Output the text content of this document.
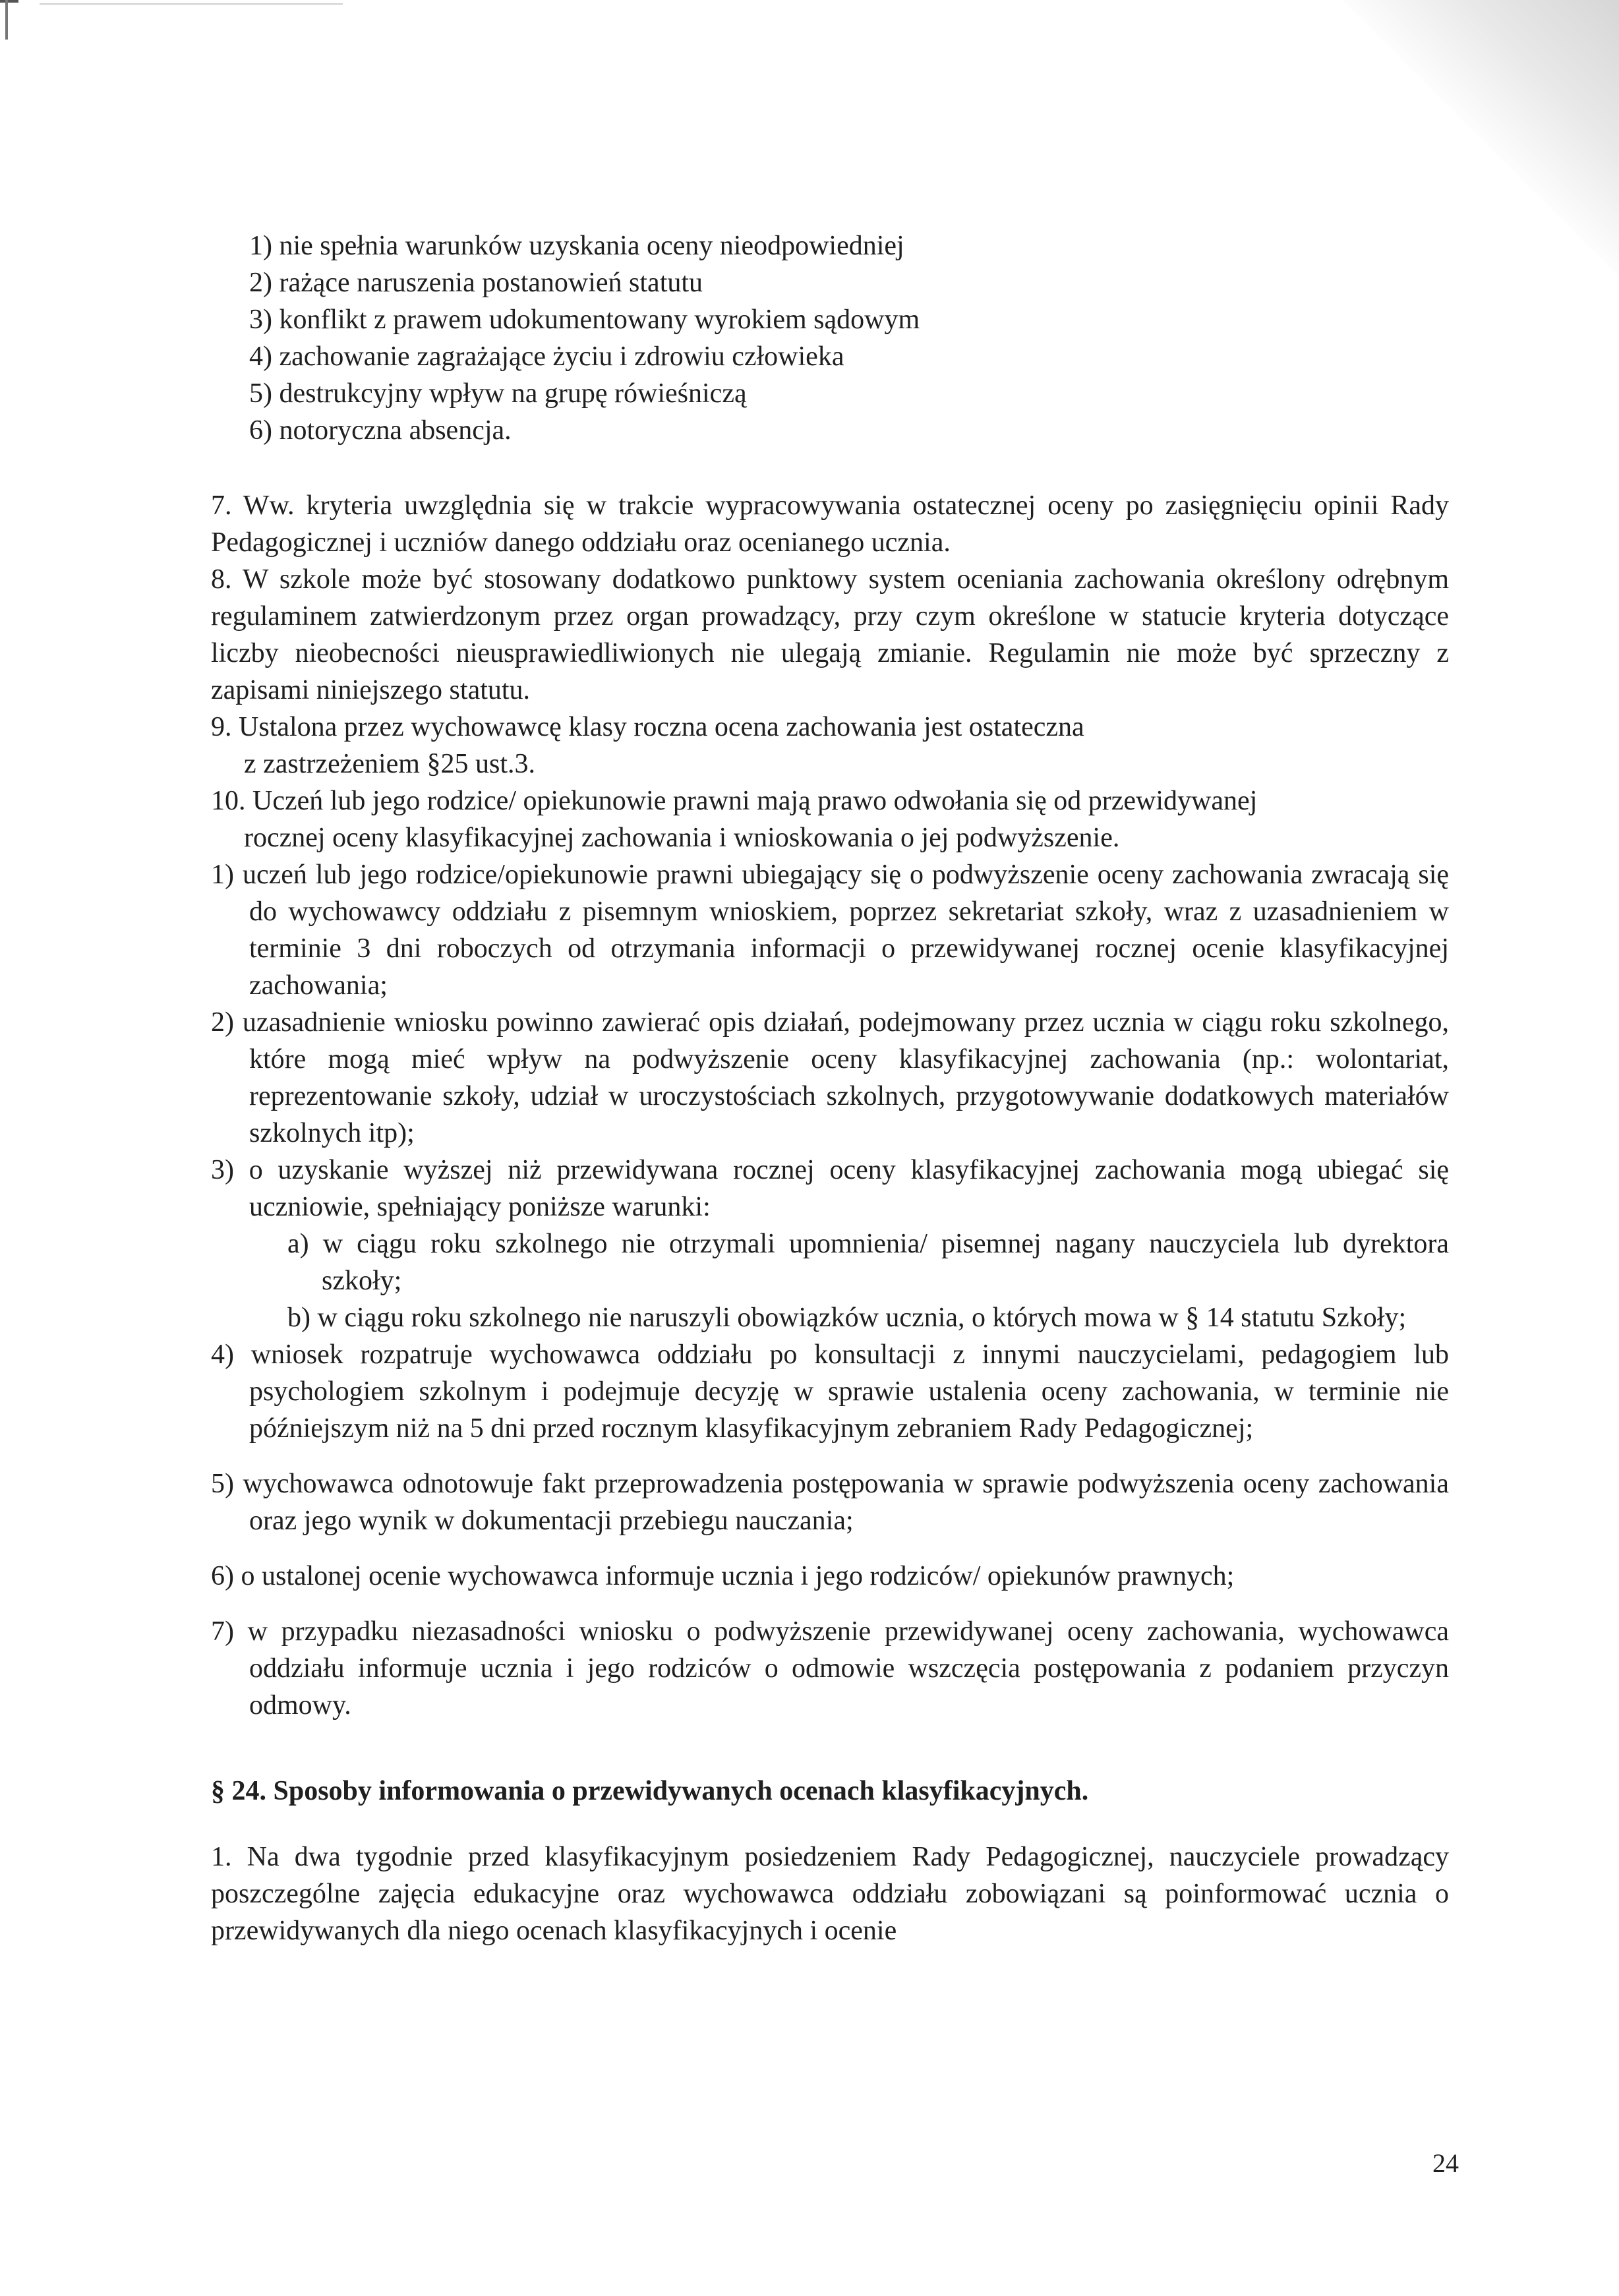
1) nie spełnia warunków uzyskania oceny nieodpowiedniej
2) rażące naruszenia postanowień statutu
3) konflikt z prawem udokumentowany wyrokiem sądowym
4) zachowanie zagrażające życiu i zdrowiu człowieka
5) destrukcyjny wpływ na grupę rówieśniczą
6) notoryczna absencja.

7. Ww. kryteria uwzględnia się w trakcie wypracowywania ostatecznej oceny po zasięgnięciu opinii Rady Pedagogicznej i uczniów danego oddziału oraz ocenianego ucznia.

8. W szkole może być stosowany dodatkowo punktowy system oceniania zachowania określony odrębnym regulaminem zatwierdzonym przez organ prowadzący, przy czym określone w statucie kryteria dotyczące liczby nieobecności nieusprawiedliwionych nie ulegają zmianie. Regulamin nie może być sprzeczny z zapisami niniejszego statutu.

9. Ustalona przez wychowawcę klasy roczna ocena zachowania jest ostateczna
z zastrzeżeniem §25 ust.3.
10. Uczeń lub jego rodzice/ opiekunowie prawni mają prawo odwołania się od przewidywanej
rocznej oceny klasyfikacyjnej zachowania i wnioskowania o jej podwyższenie.

1) uczeń lub jego rodzice/opiekunowie prawni ubiegający się o podwyższenie oceny zachowania zwracają się do wychowawcy oddziału z pisemnym wnioskiem, poprzez sekretariat szkoły, wraz z uzasadnieniem w terminie 3 dni roboczych od otrzymania informacji o przewidywanej rocznej ocenie klasyfikacyjnej zachowania;

2) uzasadnienie wniosku powinno zawierać opis działań, podejmowany przez ucznia w ciągu roku szkolnego, które mogą mieć wpływ na podwyższenie oceny klasyfikacyjnej zachowania (np.: wolontariat, reprezentowanie szkoły, udział w uroczystościach szkolnych, przygotowywanie dodatkowych materiałów szkolnych itp);

3) o uzyskanie wyższej niż przewidywana rocznej oceny klasyfikacyjnej zachowania mogą ubiegać się uczniowie, spełniający poniższe warunki:

a) w ciągu roku szkolnego nie otrzymali upomnienia/ pisemnej nagany nauczyciela lub dyrektora szkoły;

b) w ciągu roku szkolnego nie naruszyli obowiązków ucznia, o których mowa w § 14 statutu Szkoły;

4) wniosek rozpatruje wychowawca oddziału po konsultacji z innymi nauczycielami, pedagogiem lub psychologiem szkolnym i podejmuje decyzję w sprawie ustalenia oceny zachowania, w terminie nie późniejszym niż na 5 dni przed rocznym klasyfikacyjnym zebraniem Rady Pedagogicznej;

5) wychowawca odnotowuje fakt przeprowadzenia postępowania w sprawie podwyższenia oceny zachowania oraz jego wynik w dokumentacji przebiegu nauczania;

6) o ustalonej ocenie wychowawca informuje ucznia i jego rodziców/ opiekunów prawnych;

7) w przypadku niezasadności wniosku o podwyższenie przewidywanej oceny zachowania, wychowawca oddziału informuje ucznia i jego rodziców o odmowie wszczęcia postępowania z podaniem przyczyn odmowy.

§ 24. Sposoby informowania o przewidywanych ocenach klasyfikacyjnych.

1. Na dwa tygodnie przed klasyfikacyjnym posiedzeniem Rady Pedagogicznej, nauczyciele prowadzący poszczególne zajęcia edukacyjne oraz wychowawca oddziału zobowiązani są poinformować ucznia o przewidywanych dla niego ocenach klasyfikacyjnych i ocenie

24
